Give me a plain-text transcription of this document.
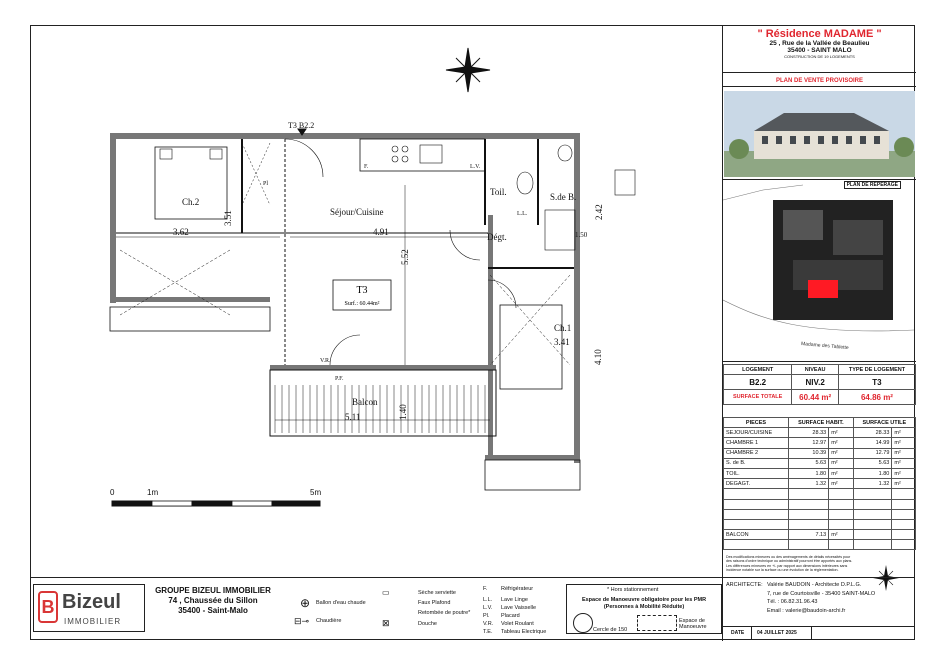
Ch.2
Séjour/Cuisine
Toil.	S.de B.
Dégt.
Ch.1
Balcon
T3 B2.2
3.62
3.51
4.91
5.52
2.42
3.41
4.10
5.11	1.40
1.50
Pl
F.	L.V.
L.L.
V.R.
P.F.
0	1m	5m
T3
Surf.: 60.44m²
" Résidence MADAME "
25 , Rue de la Vallée de Beaulieu
35400 - SAINT MALO
CONSTRUCTION DE 19 LOGEMENTS
PLAN DE VENTE PROVISOIRE
Madame des Tablette
PLAN DE REPERAGE
LOGEMENT	NIVEAU	TYPE DE LOGEMENT
B2.2	NIV.2	T3
SURFACE TOTALE	60.44 m²	64.86 m²
PIECES	SURFACE HABIT.		SURFACE UTILE	
SEJOUR/CUISINE	28.33	m²	28.33	m²
CHAMBRE 1	12.97	m²	14.99	m²
CHAMBRE 2	10.39	m²	12.79	m²
S. de B.	5.63	m²	5.63	m²
TOIL.	1.80	m²	1.80	m²
DEGAGT.	1.32	m²	1.32	m²

BALCON	7.13	m²		

Des modifications mineures ou des aménagements de détails nécessités pour des raisons d'ordre technique ou administratif pourront être apportés aux plans. Les différences mineures en +/- par rapport aux dimensions intérieures sans incidence notable sur la surface ou une évolution de la réglementation.
B Bizeul
IMMOBILIER
GROUPE BIZEUL IMMOBILIER
74 , Chaussée du Sillon
35400 - Saint-Malo
⊕ Ballon d'eau chaude
⊟⊸ Chaudière
▭	Sèche serviette
Faux Plafond
Retombée de poutre*
⊠	Douche
F. Réfrigérateur
L.L. Lave Linge
L.V. Lave Vaisselle
Pl. Placard
V.R. Volet Roulant
T.E. Tableau Electrique
* Hors stationnement
Espace de Manoeuvre obligatoire pour les PMR
(Personnes à Mobilité Réduite)
Cercle de 150
Espace de Manoeuvre
ARCHITECTE: Valérie BAUDOIN - Architecte D.P.L.G.
7, rue de Courtoisville - 35400 SAINT-MALO
Tél. : 06.82.31.96.43
Email : valerie@baudoin-archi.fr
DATE	04 JUILLET 2025
